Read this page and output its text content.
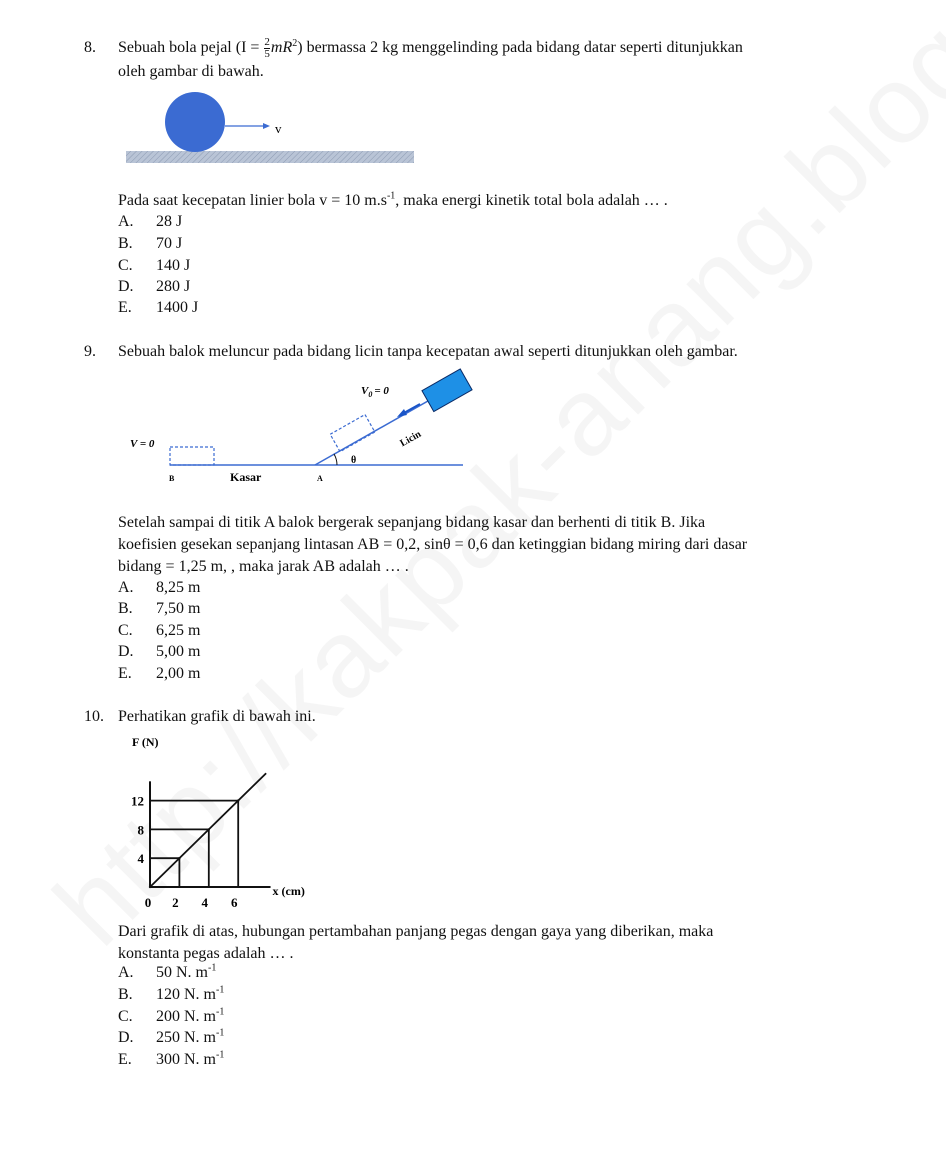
8. Sebuah bola pejal $(I = \frac{2}{5} mR^2)$ bermassa 2 kg menggelinding pada bidang datar seperti ditunjukkan
oleh gambar di bawah.
v
Pada saat kecepatan linier bola v = 10 $m.s^{-1}$, maka energi kinetik total bola adalah … .
A. 28 J
B. 70 J
C. 140 J
D. 280 J
E. 1400 J
9. Sebuah balok meluncur pada bidang licin tanpa kecepatan awal seperti ditunjukkan oleh gambar.
$V_0 = 0$
V = 0	Licin
θ
B	Kasar	A
Setelah sampai di titik A balok bergerak sepanjang bidang kasar dan berhenti di titik B. Jika
koefisien gesekan sepanjang lintasan AB = 0,2, sinθ = 0,6 dan ketinggian bidang miring dari dasar
bidang = 1,25 m, , maka jarak AB adalah … .
A. 8,25 m
B. 7,50 m
C. 6,25 m
D. 5,00 m
E. 2,00 m
10. Perhatikan grafik di bawah ini.
F (N)
x (cm)
4
8
12
0 2 4 6
Dari grafik di atas, hubungan pertambahan panjang pegas dengan gaya yang diberikan, maka
konstanta pegas adalah … .
A. 50 N. $m^{-1}$
B. 120 N. $m^{-1}$
C. 200 N. $m^{-1}$
D. 250 N. $m^{-1}$
E. 300 N. $m^{-1}$
